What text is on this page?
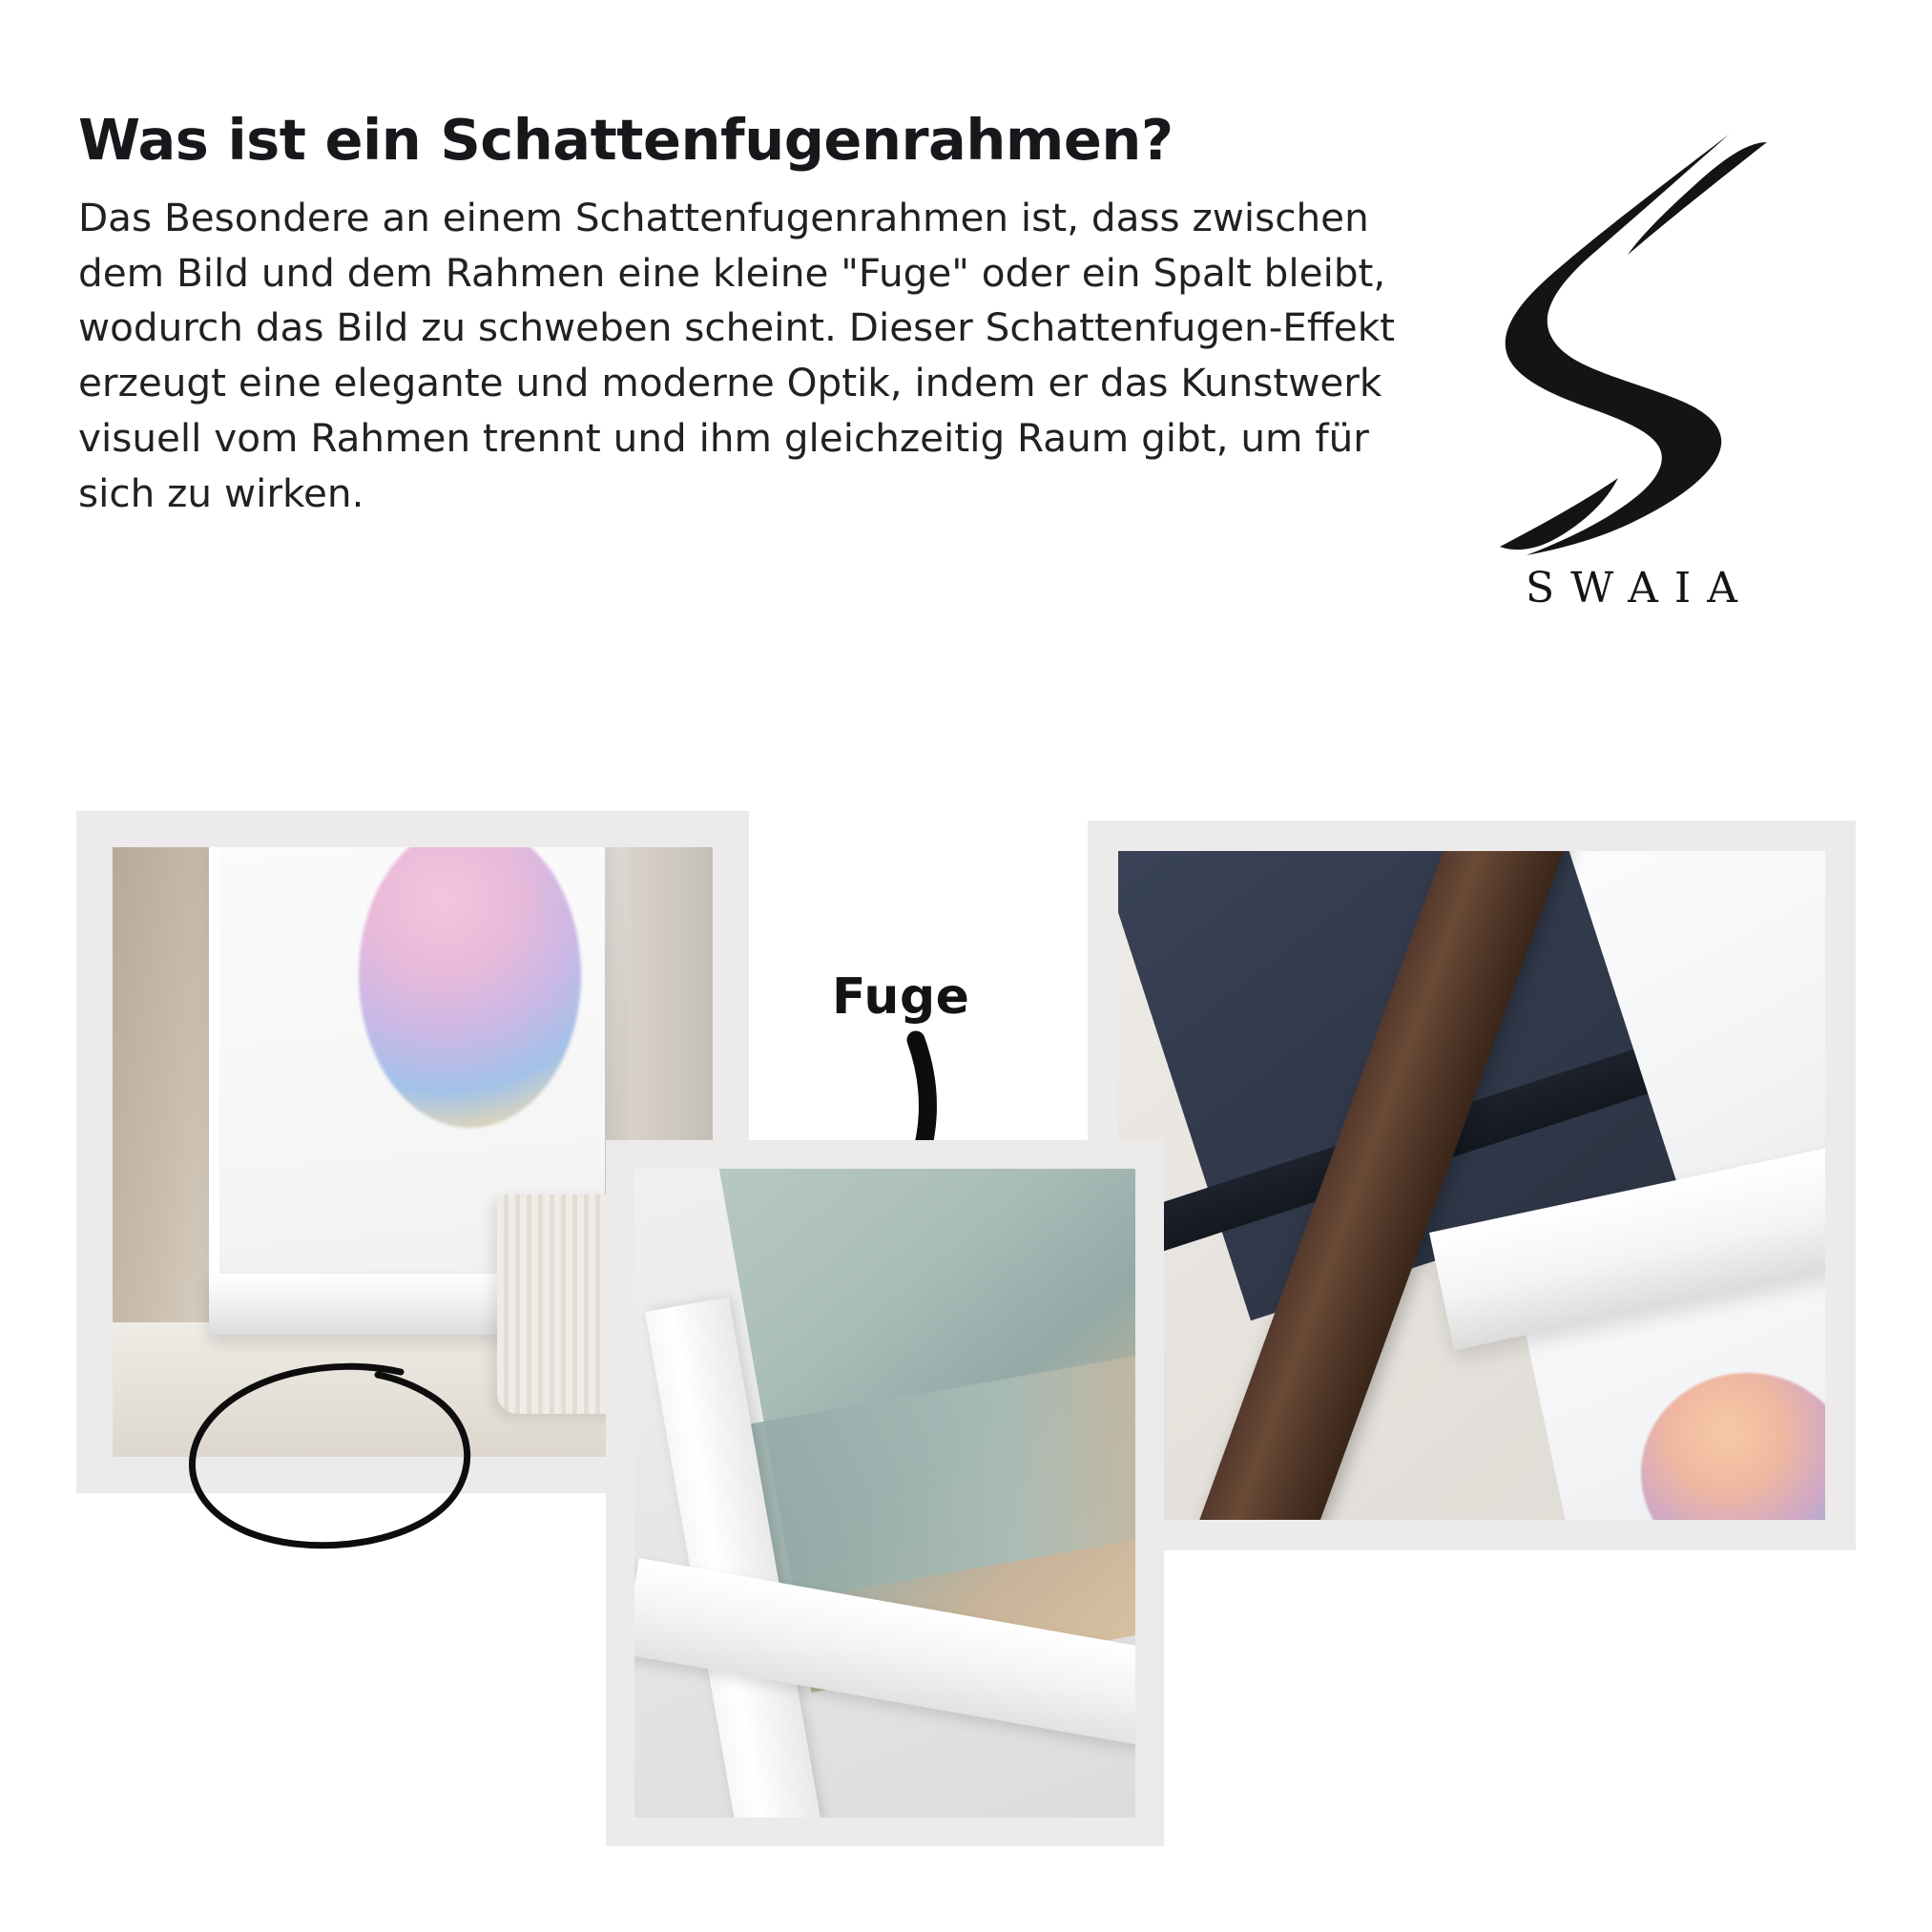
Was ist ein Schattenfugenrahmen?

Das Besondere an einem Schattenfugenrahmen ist, dass zwischen dem Bild und dem Rahmen eine kleine "Fuge" oder ein Spalt bleibt, wodurch das Bild zu schweben scheint. Dieser Schattenfugen-Effekt erzeugt eine elegante und moderne Optik, indem er das Kunstwerk visuell vom Rahmen trennt und ihm gleichzeitig Raum gibt, um für sich zu wirken.

SWAIA
Fuge
